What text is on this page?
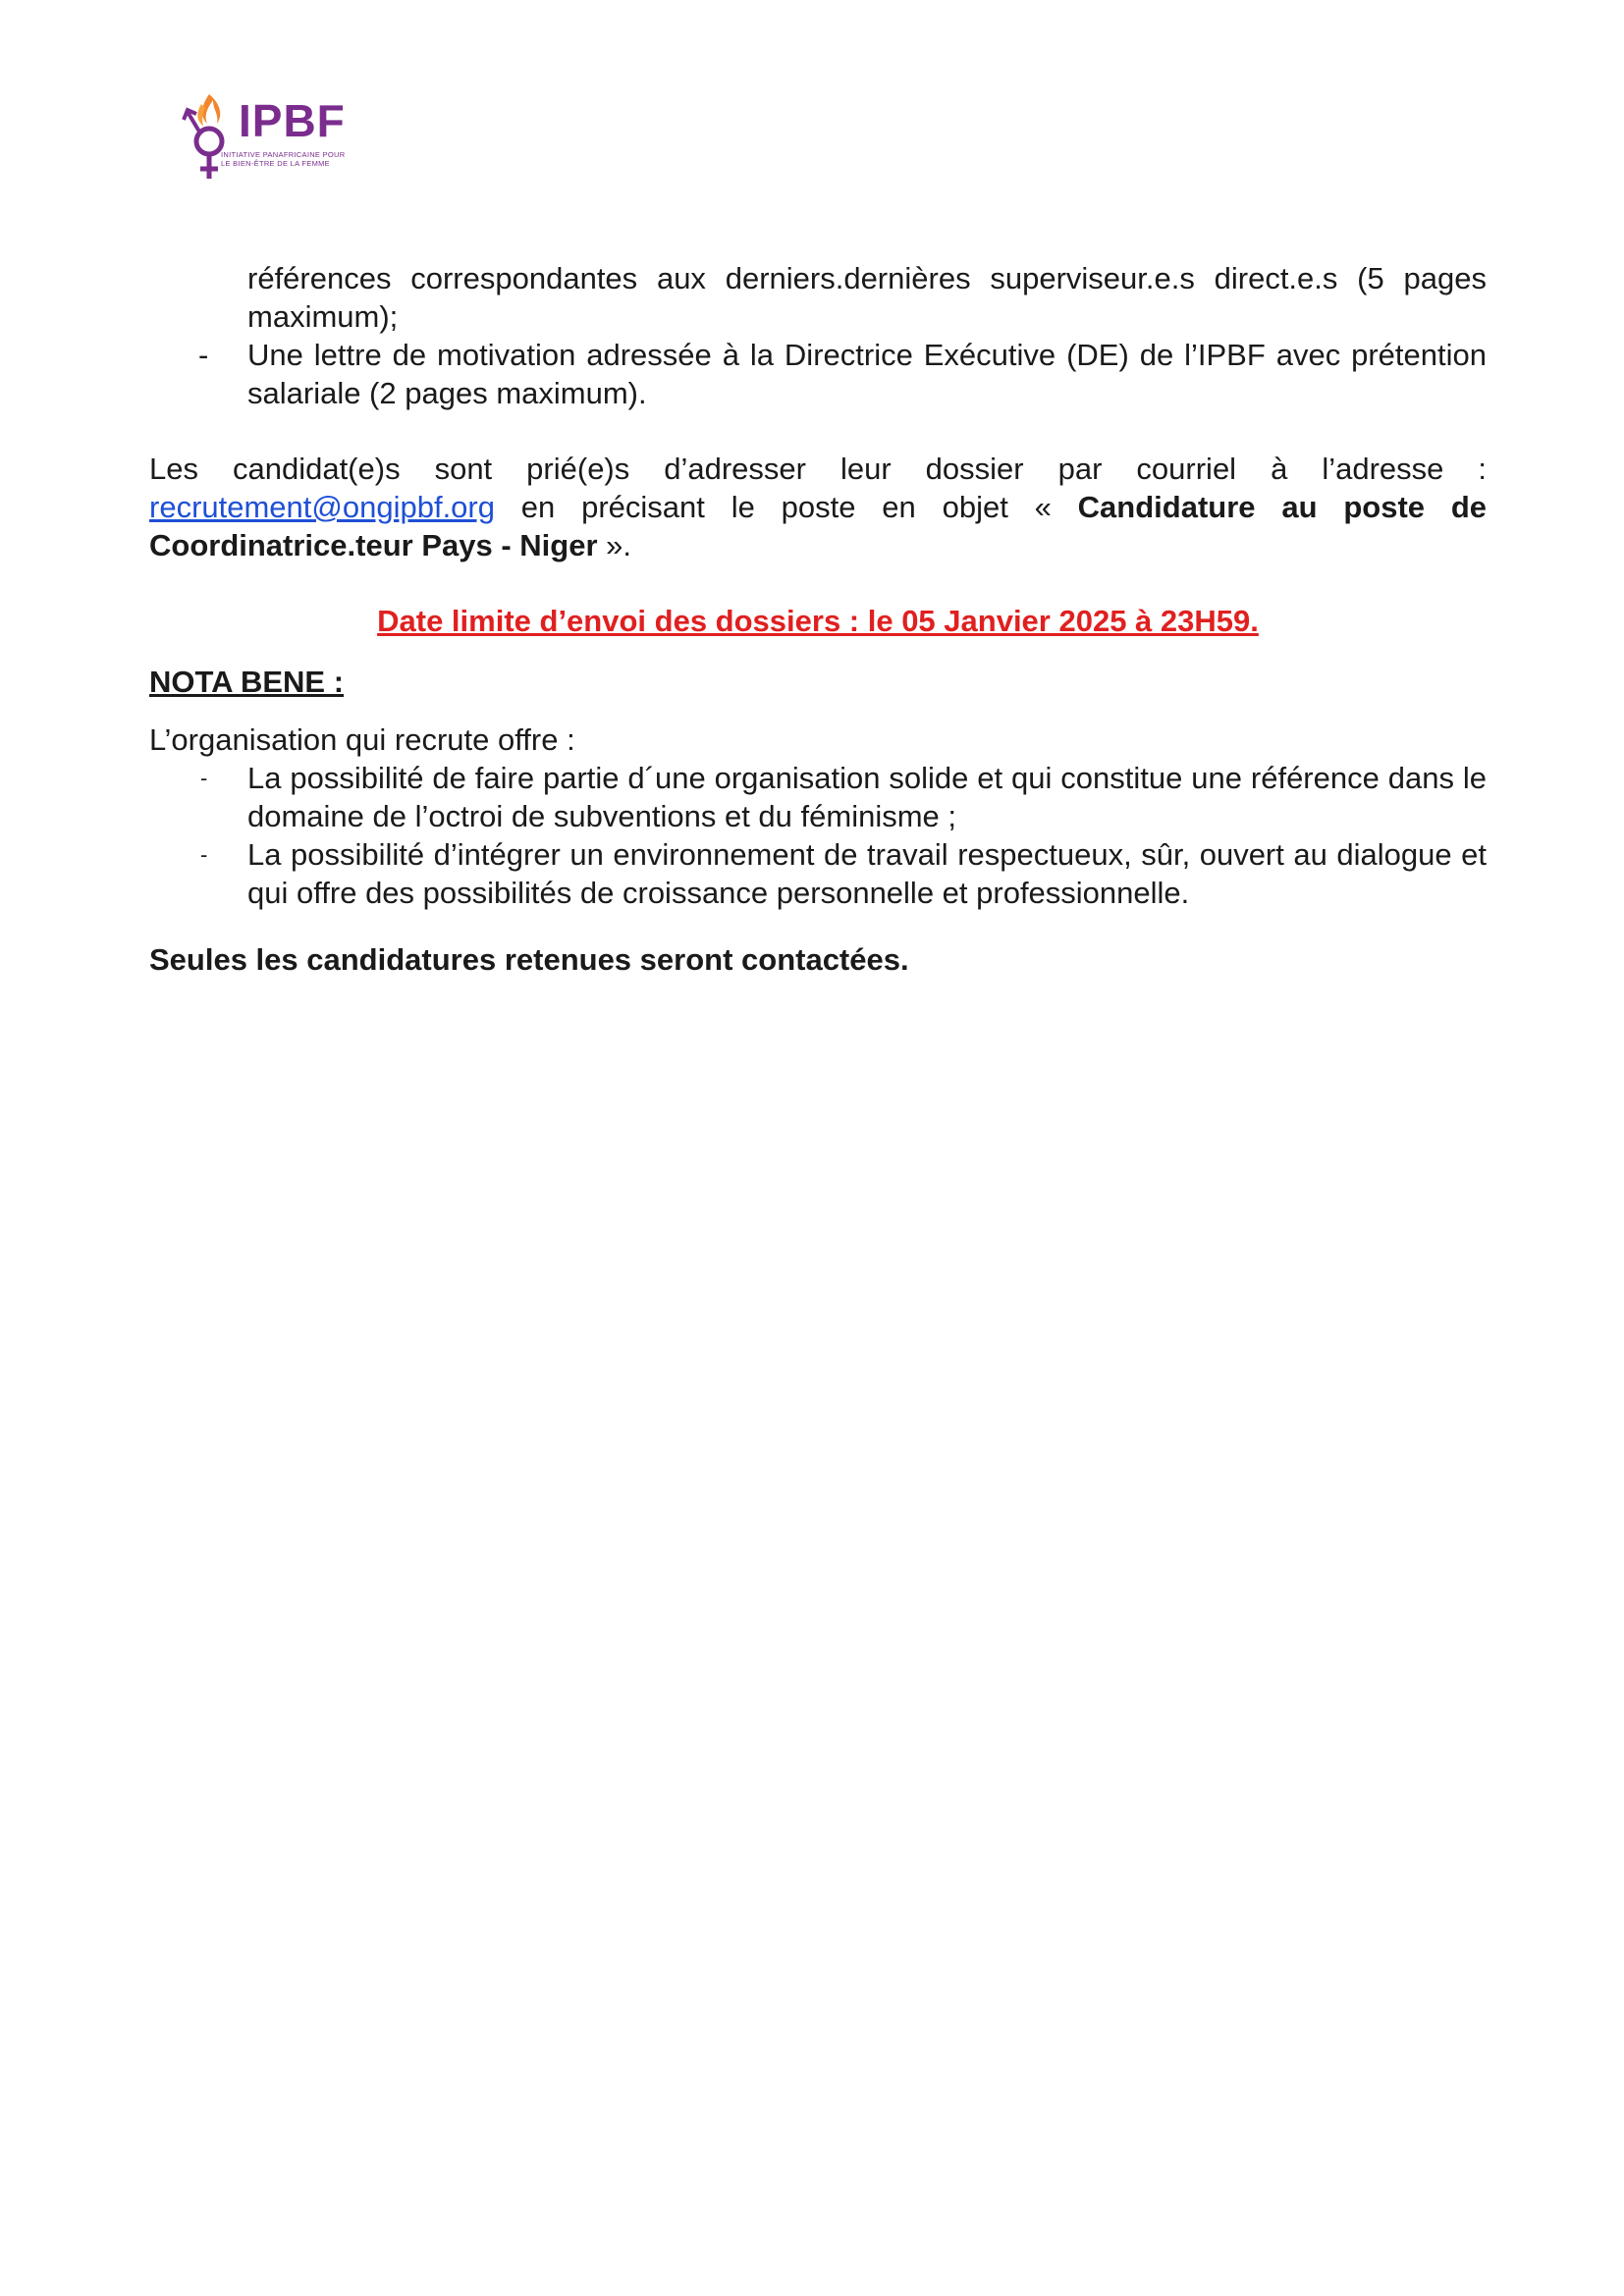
IPBF
INITIATIVE PANAFRICAINE POUR
LE BIEN-ÊTRE DE LA FEMME

références correspondantes aux derniers.dernières superviseur.e.s direct.e.s (5 pages maximum);

- Une lettre de motivation adressée à la Directrice Exécutive (DE) de l’IPBF avec prétention salariale (2 pages maximum).

Les candidat(e)s sont prié(e)s d’adresser leur dossier par courriel à l’adresse : recrutement@ongipbf.org en précisant le poste en objet « Candidature au poste de Coordinatrice.teur Pays - Niger ».

Date limite d’envoi des dossiers : le 05 Janvier 2025 à 23H59.
NOTA BENE :

L’organisation qui recrute offre :

- La possibilité de faire partie d´une organisation solide et qui constitue une référence dans le domaine de l’octroi de subventions et du féminisme ;
- La possibilité d’intégrer un environnement de travail respectueux, sûr, ouvert au dialogue et qui offre des possibilités de croissance personnelle et professionnelle.

Seules les candidatures retenues seront contactées.
